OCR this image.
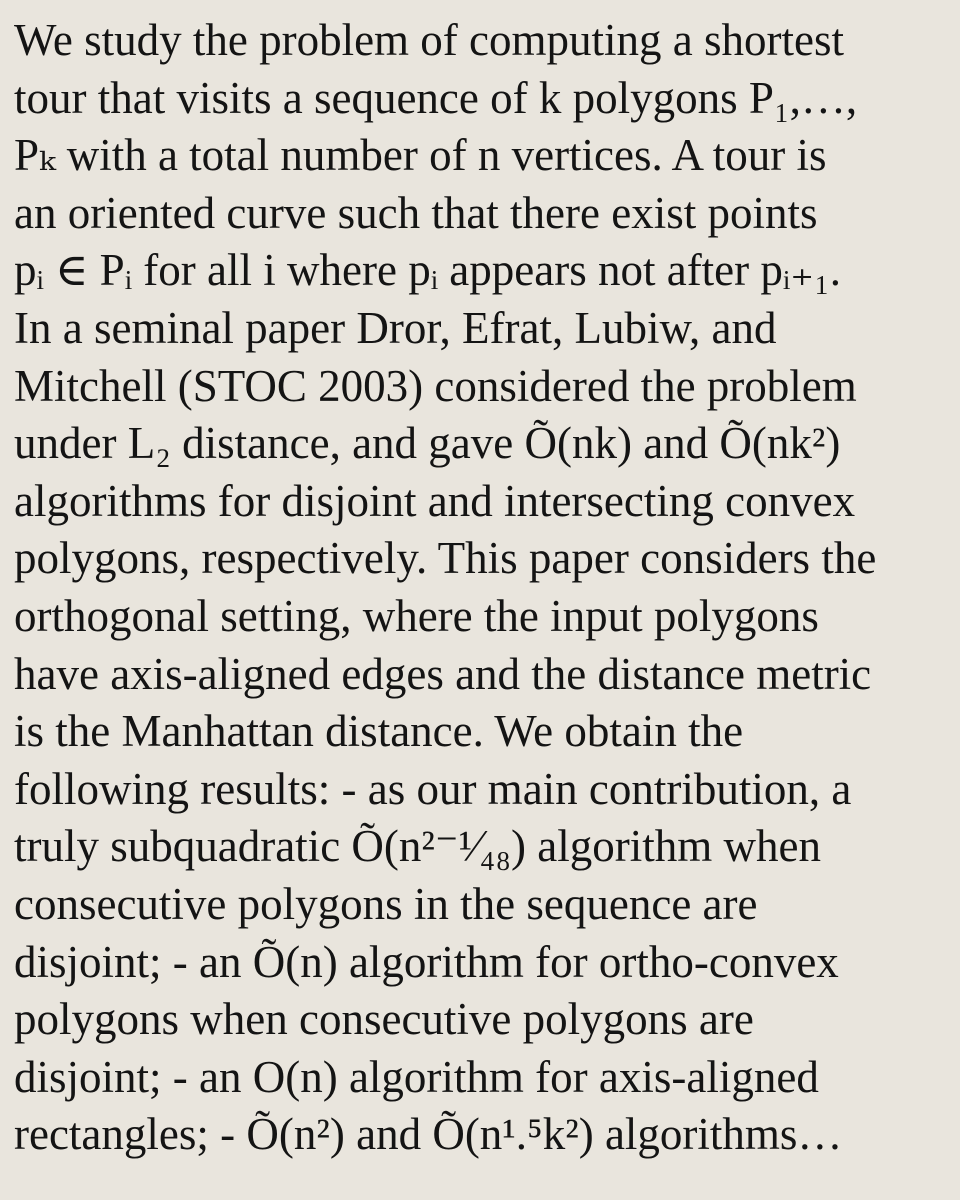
We study the problem of computing a shortest
tour that visits a sequence of k polygons P₁,…,
Pₖ with a total number of n vertices. A tour is
an oriented curve such that there exist points
pᵢ ∈ Pᵢ for all i where pᵢ appears not after pᵢ₊₁.
In a seminal paper Dror, Efrat, Lubiw, and
Mitchell (STOC 2003) considered the problem
under L₂ distance, and gave Õ(nk) and Õ(nk²)
algorithms for disjoint and intersecting convex
polygons, respectively. This paper considers the
orthogonal setting, where the input polygons
have axis-aligned edges and the distance metric
is the Manhattan distance. We obtain the
following results: - as our main contribution, a
truly subquadratic Õ(n²⁻¹⁄₄₈) algorithm when
consecutive polygons in the sequence are
disjoint; - an Õ(n) algorithm for ortho-convex
polygons when consecutive polygons are
disjoint; - an O(n) algorithm for axis-aligned
rectangles; - Õ(n²) and Õ(n¹.⁵k²) algorithms…
